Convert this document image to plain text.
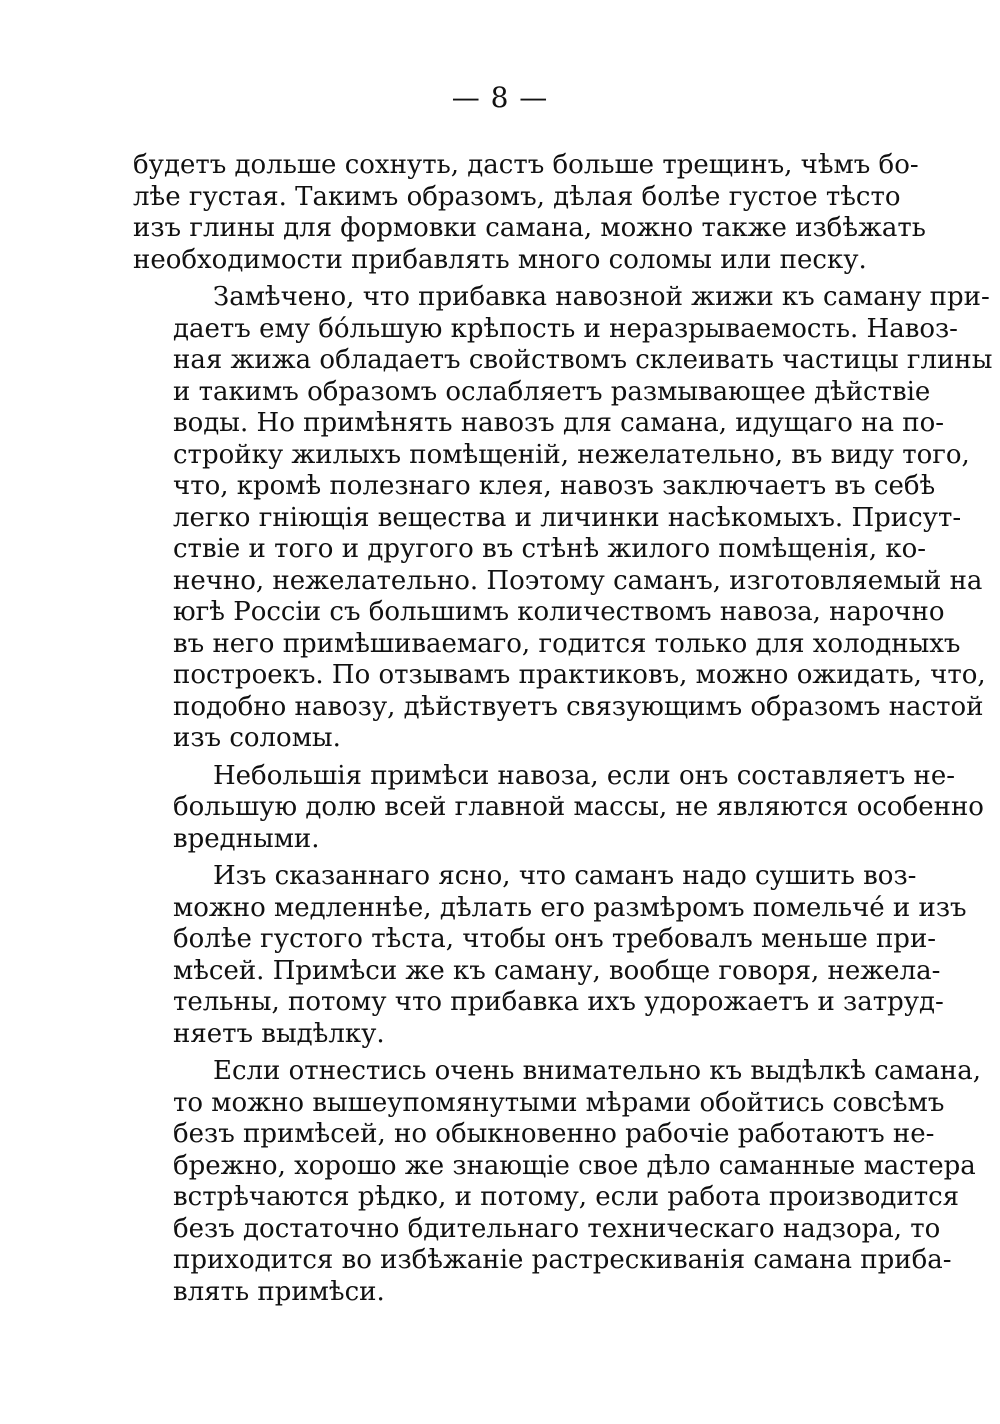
— 8 —

будетъ дольше сохнуть, дастъ больше трещинъ, чѣмъ бо-
лѣе густая. Такимъ образомъ, дѣлая болѣе густое тѣсто
изъ глины для формовки самана, можно также избѣжать
необходимости прибавлять много соломы или песку.

Замѣчено, что прибавка навозной жижи къ саману при-
даетъ ему бо́льшую крѣпость и неразрываемость. Навоз-
ная жижа обладаетъ свойствомъ склеивать частицы глины
и такимъ образомъ ослабляетъ размывающее дѣйствіе
воды. Но примѣнять навозъ для самана, идущаго на по-
стройку жилыхъ помѣщеній, нежелательно, въ виду того,
что, кромѣ полезнаго клея, навозъ заключаетъ въ себѣ
легко гніющія вещества и личинки насѣкомыхъ. Присут-
ствіе и того и другого въ стѣнѣ жилого помѣщенія, ко-
нечно, нежелательно. Поэтому саманъ, изготовляемый на
югѣ Россіи съ большимъ количествомъ навоза, нарочно
въ него примѣшиваемаго, годится только для холодныхъ
построекъ. По отзывамъ практиковъ, можно ожидать, что,
подобно навозу, дѣйствуетъ связующимъ образомъ настой
изъ соломы.

Небольшія примѣси навоза, если онъ составляетъ не-
большую долю всей главной массы, не являются особенно
вредными.

Изъ сказаннаго ясно, что саманъ надо сушить воз-
можно медленнѣе, дѣлать его размѣромъ помельче́ и изъ
болѣе густого тѣста, чтобы онъ требовалъ меньше при-
мѣсей. Примѣси же къ саману, вообще говоря, нежела-
тельны, потому что прибавка ихъ удорожаетъ и затруд-
няетъ выдѣлку.

Если отнестись очень внимательно къ выдѣлкѣ самана,
то можно вышеупомянутыми мѣрами обойтись совсѣмъ
безъ примѣсей, но обыкновенно рабочіе работаютъ не-
брежно, хорошо же знающіе свое дѣло саманные мастера
встрѣчаются рѣдко, и потому, если работа производится
безъ достаточно бдительнаго техническаго надзора, то
приходится во избѣжаніе растрескиванія самана приба-
влять примѣси.
